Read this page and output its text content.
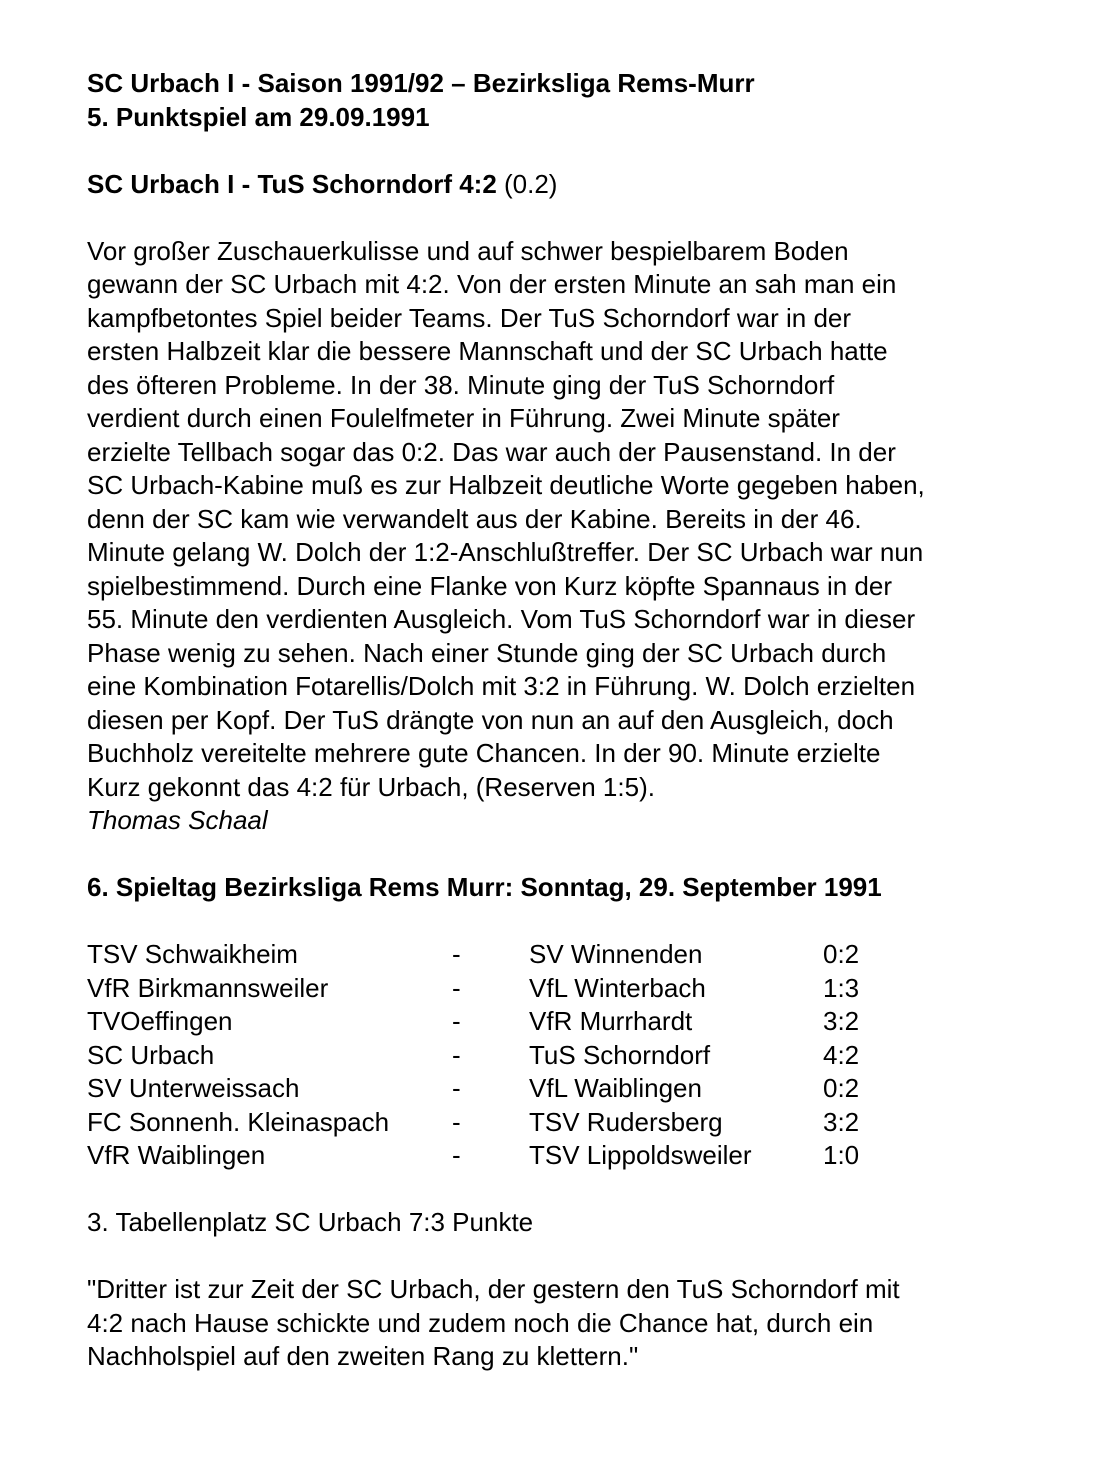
SC Urbach I - Saison 1991/92 – Bezirksliga Rems-Murr
5. Punktspiel am 29.09.1991
SC Urbach I - TuS Schorndorf 4:2 (0.2)
Vor großer Zuschauerkulisse und auf schwer bespielbarem Boden
gewann der SC Urbach mit 4:2. Von der ersten Minute an sah man ein
kampfbetontes Spiel beider Teams. Der TuS Schorndorf war in der
ersten Halbzeit klar die bessere Mannschaft und der SC Urbach hatte
des öfteren Probleme. In der 38. Minute ging der TuS Schorndorf
verdient durch einen Foulelfmeter in Führung. Zwei Minute später
erzielte Tellbach sogar das 0:2. Das war auch der Pausenstand. In der
SC Urbach-Kabine muß es zur Halbzeit deutliche Worte gegeben haben,
denn der SC kam wie verwandelt aus der Kabine. Bereits in der 46.
Minute gelang W. Dolch der 1:2-Anschlußtreffer. Der SC Urbach war nun
spielbestimmend. Durch eine Flanke von Kurz köpfte Spannaus in der
55. Minute den verdienten Ausgleich. Vom TuS Schorndorf war in dieser
Phase wenig zu sehen. Nach einer Stunde ging der SC Urbach durch
eine Kombination Fotarellis/Dolch mit 3:2 in Führung. W. Dolch erzielten
diesen per Kopf. Der TuS drängte von nun an auf den Ausgleich, doch
Buchholz vereitelte mehrere gute Chancen. In der 90. Minute erzielte
Kurz gekonnt das 4:2 für Urbach, (Reserven 1:5).
Thomas Schaal
6. Spieltag Bezirksliga Rems Murr: Sonntag, 29. September 1991
TSV Schwaikheim	-	SV Winnenden	0:2
VfR Birkmannsweiler	-	VfL Winterbach	1:3
TVOeffingen	-	VfR Murrhardt	3:2
SC Urbach	-	TuS Schorndorf	4:2
SV Unterweissach	-	VfL Waiblingen	0:2
FC Sonnenh. Kleinaspach	-	TSV Rudersberg	3:2
VfR Waiblingen	-	TSV Lippoldsweiler	1:0
3. Tabellenplatz SC Urbach 7:3 Punkte
"Dritter ist zur Zeit der SC Urbach, der gestern den TuS Schorndorf mit
4:2 nach Hause schickte und zudem noch die Chance hat, durch ein
Nachholspiel auf den zweiten Rang zu klettern."
